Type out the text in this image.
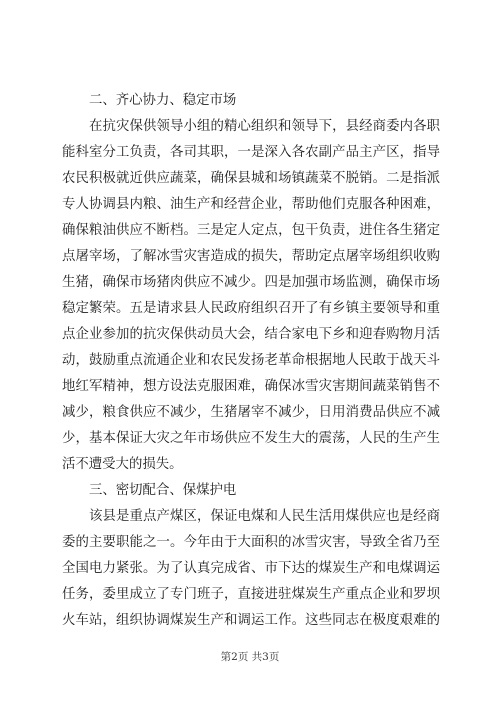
二、齐心协力、稳定市场

在抗灾保供领导小组的精心组织和领导下，县经商委内各职

能科室分工负责，各司其职，一是深入各农副产品主产区，指导

农民积极就近供应蔬菜，确保县城和场镇蔬菜不脱销。二是指派

专人协调县内粮、油生产和经营企业，帮助他们克服各种困难，

确保粮油供应不断档。三是定人定点，包干负责，进住各生猪定

点屠宰场，了解冰雪灾害造成的损失，帮助定点屠宰场组织收购

生猪，确保市场猪肉供应不减少。四是加强市场监测，确保市场

稳定繁荣。五是请求县人民政府组织召开了有乡镇主要领导和重

点企业参加的抗灾保供动员大会，结合家电下乡和迎春购物月活

动，鼓励重点流通企业和农民发扬老革命根据地人民敢于战天斗

地红军精神，想方设法克服困难，确保冰雪灾害期间蔬菜销售不

减少，粮食供应不减少，生猪屠宰不减少，日用消费品供应不减

少，基本保证大灾之年市场供应不发生大的震荡，人民的生产生

活不遭受大的损失。

三、密切配合、保煤护电

该县是重点产煤区，保证电煤和人民生活用煤供应也是经商

委的主要职能之一。今年由于大面积的冰雪灾害，导致全省乃至

全国电力紧张。为了认真完成省、市下达的煤炭生产和电煤调运

任务，委里成立了专门班子，直接进驻煤炭生产重点企业和罗坝

火车站，组织协调煤炭生产和调运工作。这些同志在极度艰难的

第2页 共3页
